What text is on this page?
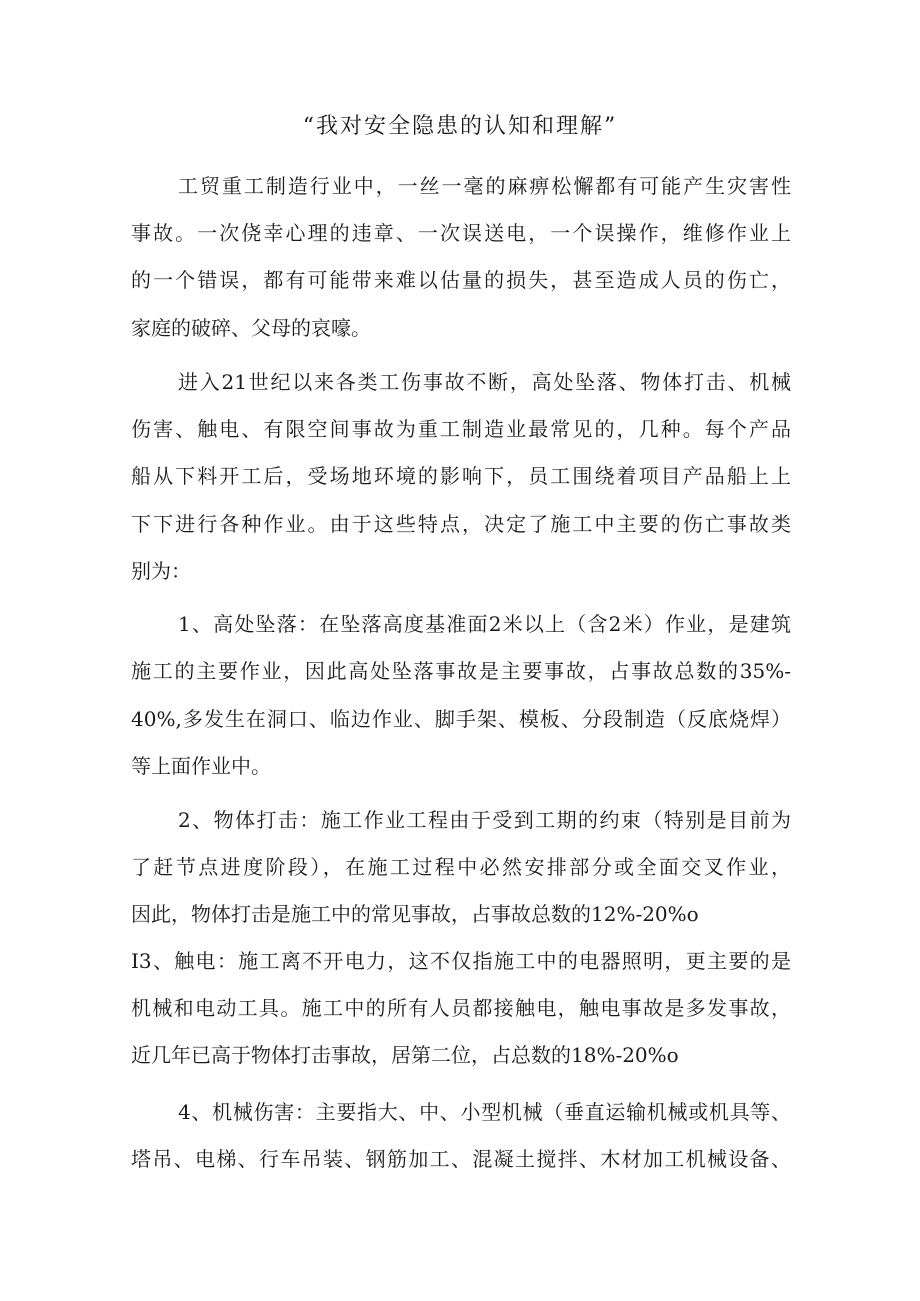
“我对安全隐患的认知和理解”
工贸重工制造行业中，一丝一毫的麻痹松懈都有可能产生灾害性
事故。一次侥幸心理的违章、一次误送电，一个误操作，维修作业上
的一个错误，都有可能带来难以估量的损失，甚至造成人员的伤亡，
家庭的破碎、父母的哀嚎。
进入21世纪以来各类工伤事故不断，高处坠落、物体打击、机械
伤害、触电、有限空间事故为重工制造业最常见的，几种。每个产品
船从下料开工后，受场地环境的影响下，员工围绕着项目产品船上上
下下进行各种作业。由于这些特点，决定了施工中主要的伤亡事故类
别为：
1、高处坠落：在坠落高度基准面2米以上（含2米）作业，是建筑
施工的主要作业，因此高处坠落事故是主要事故，占事故总数的35%-
40%,多发生在洞口、临边作业、脚手架、模板、分段制造（反底烧焊）
等上面作业中。
2、物体打击：施工作业工程由于受到工期的约束（特别是目前为
了赶节点进度阶段），在施工过程中必然安排部分或全面交叉作业，
因此，物体打击是施工中的常见事故，占事故总数的12%-20%o
I3、触电：施工离不开电力，这不仅指施工中的电器照明，更主要的是
机械和电动工具。施工中的所有人员都接触电，触电事故是多发事故，
近几年已高于物体打击事故，居第二位，占总数的18%-20%o
4、机械伤害：主要指大、中、小型机械（垂直运输机械或机具等、
塔吊、电梯、行车吊装、钢筋加工、混凝土搅拌、木材加工机械设备、
